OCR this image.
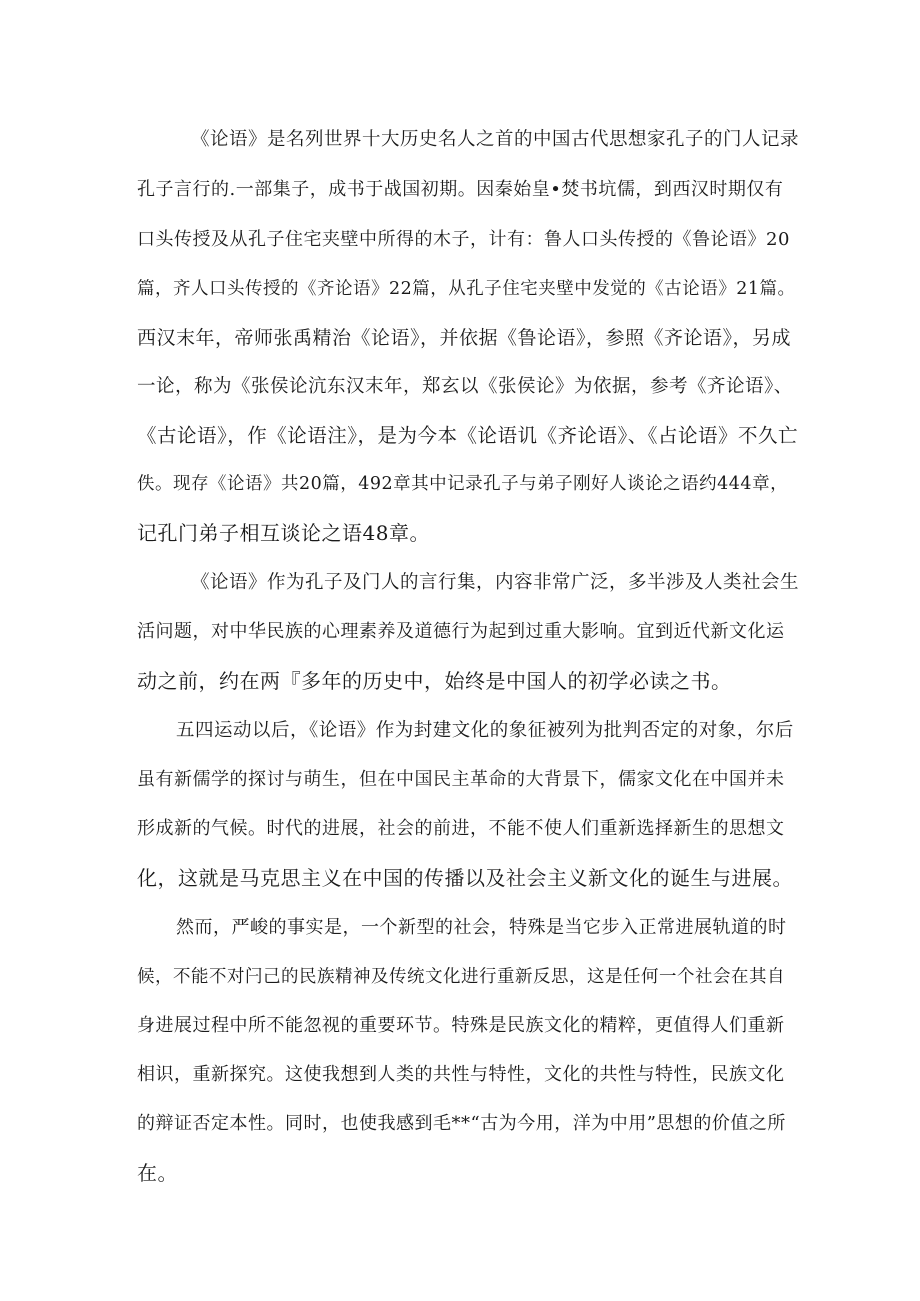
《论语》是名列世界十大历史名人之首的中国古代思想家孔子的门人记录
孔子言行的.一部集子，成书于战国初期。因秦始皇•焚书坑儒，到西汉时期仅有
口头传授及从孔子住宅夹壁中所得的木子，计有：鲁人口头传授的《鲁论语》20
篇，齐人口头传授的《齐论语》22篇，从孔子住宅夹壁中发觉的《古论语》21篇。
西汉末年，帝师张禹精治《论语》，并依据《鲁论语》，参照《齐论语》，另成
一论，称为《张侯论沆东汉末年，郑玄以《张侯论》为依据，参考《齐论语》、
《古论语》，作《论语注》，是为今本《论语讥《齐论语》、《占论语》不久亡
佚。现存《论语》共20篇，492章其中记录孔子与弟子刚好人谈论之语约444章，
记孔门弟子相互谈论之语48章。
《论语》作为孔子及门人的言行集，内容非常广泛，多半涉及人类社会生
活问题，对中华民族的心理素养及道德行为起到过重大影响。宜到近代新文化运
动之前，约在两『多年的历史中，始终是中国人的初学必读之书。
五四运动以后，《论语》作为封建文化的象征被列为批判否定的对象，尔后
虽有新儒学的探讨与萌生，但在中国民主革命的大背景下，儒家文化在中国并未
形成新的气候。时代的进展，社会的前进，不能不使人们重新选择新生的思想文
化，这就是马克思主义在中国的传播以及社会主义新文化的诞生与进展。
然而，严峻的事实是，一个新型的社会，特殊是当它步入正常进展轨道的时
候，不能不对闩己的民族精神及传统文化进行重新反思，这是任何一个社会在其自
身进展过程中所不能忽视的重要环节。特殊是民族文化的精粹，更值得人们重新
相识，重新探究。这使我想到人类的共性与特性，文化的共性与特性，民族文化
的辩证否定本性。同时，也使我感到毛**“古为今用，洋为中用”思想的价值之所
在。
